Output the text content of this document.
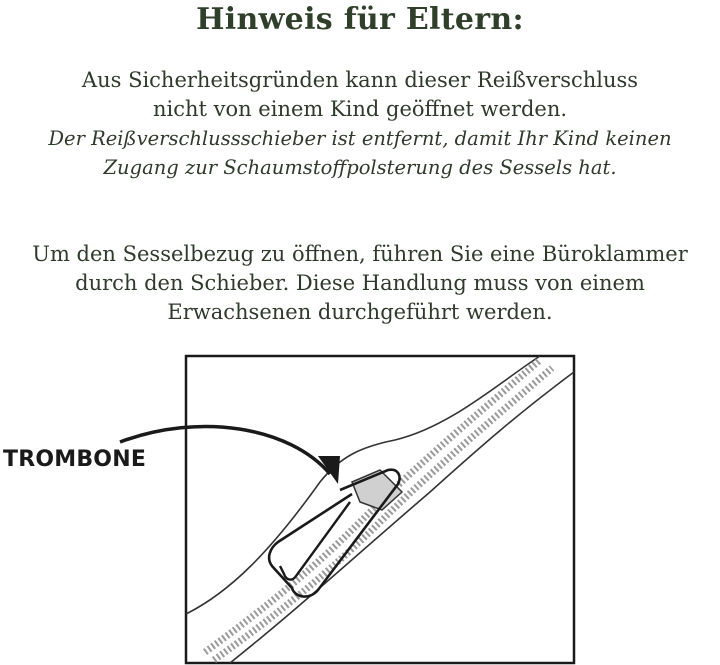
Hinweis für Eltern:
Aus Sicherheitsgründen kann dieser Reißverschluss
nicht von einem Kind geöffnet werden.
Der Reißverschlussschieber ist entfernt, damit Ihr Kind keinen
Zugang zur Schaumstoffpolsterung des Sessels hat.
Um den Sesselbezug zu öffnen, führen Sie eine Büroklammer
durch den Schieber. Diese Handlung muss von einem
Erwachsenen durchgeführt werden.
TROMBONE
